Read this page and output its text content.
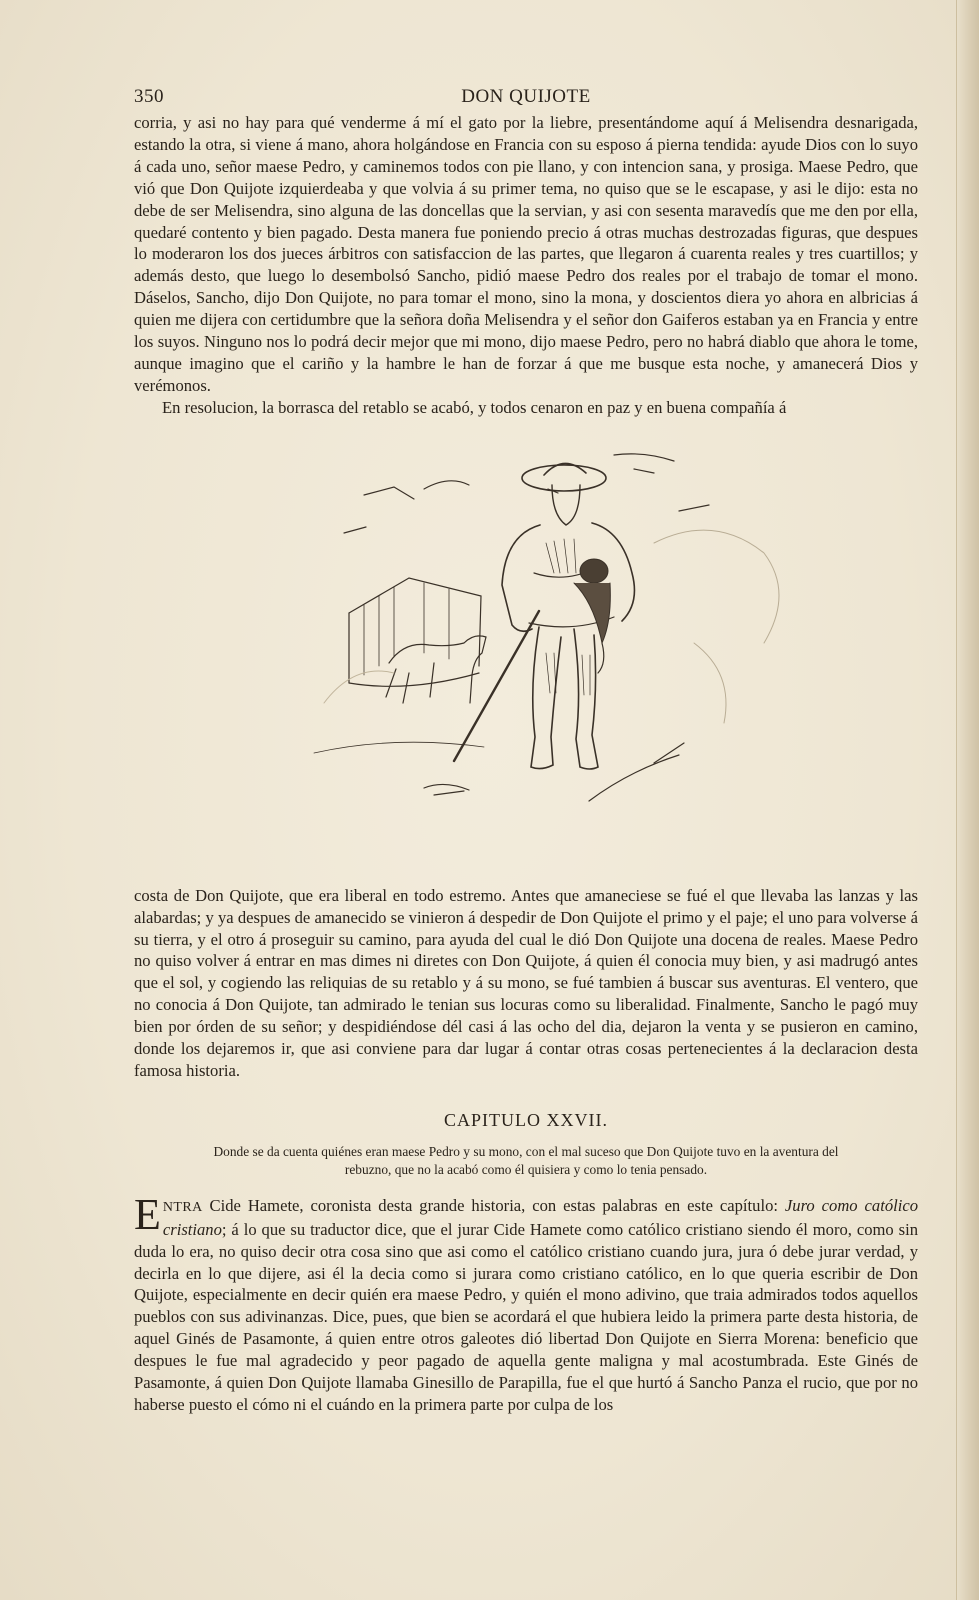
350	DON QUIJOTE

corria, y asi no hay para qué venderme á mí el gato por la liebre, presentándome aquí á Melisendra desnarigada, estando la otra, si viene á mano, ahora holgándose en Francia con su esposo á pierna tendida: ayude Dios con lo suyo á cada uno, señor maese Pedro, y caminemos todos con pie llano, y con intencion sana, y prosiga. Maese Pedro, que vió que Don Quijote izquierdeaba y que volvia á su primer tema, no quiso que se le escapase, y asi le dijo: esta no debe de ser Melisendra, sino alguna de las doncellas que la servian, y asi con sesenta maravedís que me den por ella, quedaré contento y bien pagado. Desta manera fue poniendo precio á otras muchas destrozadas figuras, que despues lo moderaron los dos jueces árbitros con satisfaccion de las partes, que llegaron á cuarenta reales y tres cuartillos; y además desto, que luego lo desembolsó Sancho, pidió maese Pedro dos reales por el trabajo de tomar el mono. Dáselos, Sancho, dijo Don Quijote, no para tomar el mono, sino la mona, y doscientos diera yo ahora en albricias á quien me dijera con certidumbre que la señora doña Melisendra y el señor don Gaiferos estaban ya en Francia y entre los suyos. Ninguno nos lo podrá decir mejor que mi mono, dijo maese Pedro, pero no habrá diablo que ahora le tome, aunque imagino que el cariño y la hambre le han de forzar á que me busque esta noche, y amanecerá Dios y verémonos.

En resolucion, la borrasca del retablo se acabó, y todos cenaron en paz y en buena compañía á

costa de Don Quijote, que era liberal en todo estremo. Antes que amaneciese se fué el que llevaba las lanzas y las alabardas; y ya despues de amanecido se vinieron á despedir de Don Quijote el primo y el paje; el uno para volverse á su tierra, y el otro á proseguir su camino, para ayuda del cual le dió Don Quijote una docena de reales. Maese Pedro no quiso volver á entrar en mas dimes ni diretes con Don Quijote, á quien él conocia muy bien, y asi madrugó antes que el sol, y cogiendo las reliquias de su retablo y á su mono, se fué tambien á buscar sus aventuras. El ventero, que no conocia á Don Quijote, tan admirado le tenian sus locuras como su liberalidad. Finalmente, Sancho le pagó muy bien por órden de su señor; y despidiéndose dél casi á las ocho del dia, dejaron la venta y se pusieron en camino, donde los dejaremos ir, que asi conviene para dar lugar á contar otras cosas pertenecientes á la declaracion desta famosa historia.

CAPITULO XXVII.
Donde se da cuenta quiénes eran maese Pedro y su mono, con el mal suceso que Don Quijote tuvo en la aventura del rebuzno, que no la acabó como él quisiera y como lo tenia pensado.

ENTRA Cide Hamete, coronista desta grande historia, con estas palabras en este capítulo: Juro como católico cristiano; á lo que su traductor dice, que el jurar Cide Hamete como católico cristiano siendo él moro, como sin duda lo era, no quiso decir otra cosa sino que asi como el católico cristiano cuando jura, jura ó debe jurar verdad, y decirla en lo que dijere, asi él la decia como si jurara como cristiano católico, en lo que queria escribir de Don Quijote, especialmente en decir quién era maese Pedro, y quién el mono adivino, que traia admirados todos aquellos pueblos con sus adivinanzas. Dice, pues, que bien se acordará el que hubiera leido la primera parte desta historia, de aquel Ginés de Pasamonte, á quien entre otros galeotes dió libertad Don Quijote en Sierra Morena: beneficio que despues le fue mal agradecido y peor pagado de aquella gente maligna y mal acostumbrada. Este Ginés de Pasamonte, á quien Don Quijote llamaba Ginesillo de Parapilla, fue el que hurtó á Sancho Panza el rucio, que por no haberse puesto el cómo ni el cuándo en la primera parte por culpa de los
